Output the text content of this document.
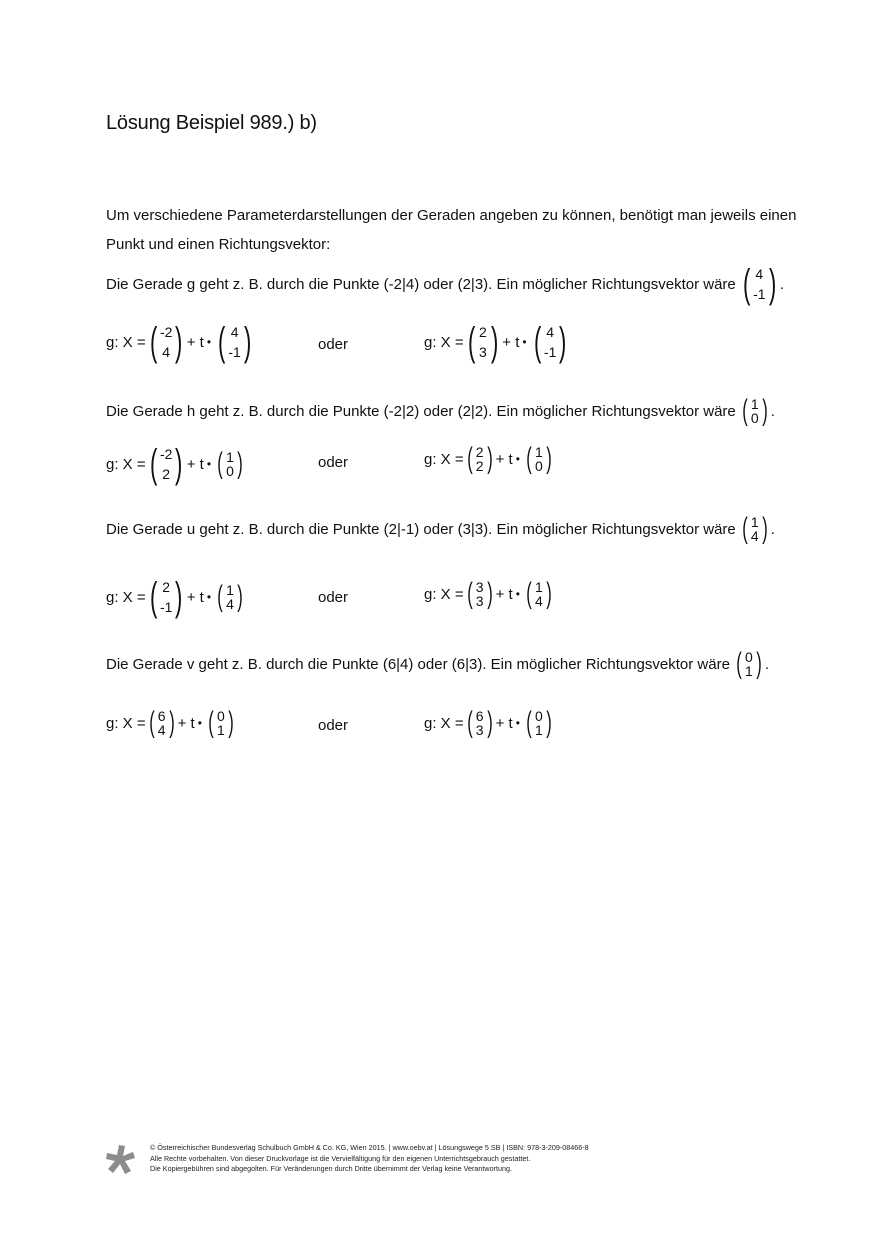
Lösung Beispiel 989.) b)

Um verschiedene Parameterdarstellungen der Geraden angeben zu können, benötigt man jeweils einen Punkt und einen Richtungsvektor:

Die Gerade g geht z. B. durch die Punkte (-2|4) oder (2|3). Ein möglicher Richtungsvektor wäre ( 4
-1 ) .
g: X = ( -2
4 ) + t • ( 4
-1 )	oder	g: X = ( 2
3 ) + t • ( 4
-1 )
Die Gerade h geht z. B. durch die Punkte (-2|2) oder (2|2). Ein möglicher Richtungsvektor wäre ( 1
0 ) .
g: X = ( -2
2 ) + t • ( 1
0 )	oder	g: X = ( 2
2 ) + t • ( 1
0 )
Die Gerade u geht z. B. durch die Punkte (2|-1) oder (3|3). Ein möglicher Richtungsvektor wäre ( 1
4 ) .
g: X = ( 2
-1 ) + t • ( 1
4 )	oder	g: X = ( 3
3 ) + t • ( 1
4 )
Die Gerade v geht z. B. durch die Punkte (6|4) oder (6|3). Ein möglicher Richtungsvektor wäre ( 0
1 ) .
g: X = ( 6
4 ) + t • ( 0
1 )	oder	g: X = ( 6
3 ) + t • ( 0
1 )
© Österreichischer Bundesverlag Schulbuch GmbH & Co. KG, Wien 2015. | www.oebv.at | Lösungswege 5 SB | ISBN: 978-3-209-08466-8
Alle Rechte vorbehalten. Von dieser Druckvorlage ist die Vervielfältigung für den eigenen Unterrichtsgebrauch gestattet.
Die Kopiergebühren sind abgegolten. Für Veränderungen durch Dritte übernimmt der Verlag keine Verantwortung.
